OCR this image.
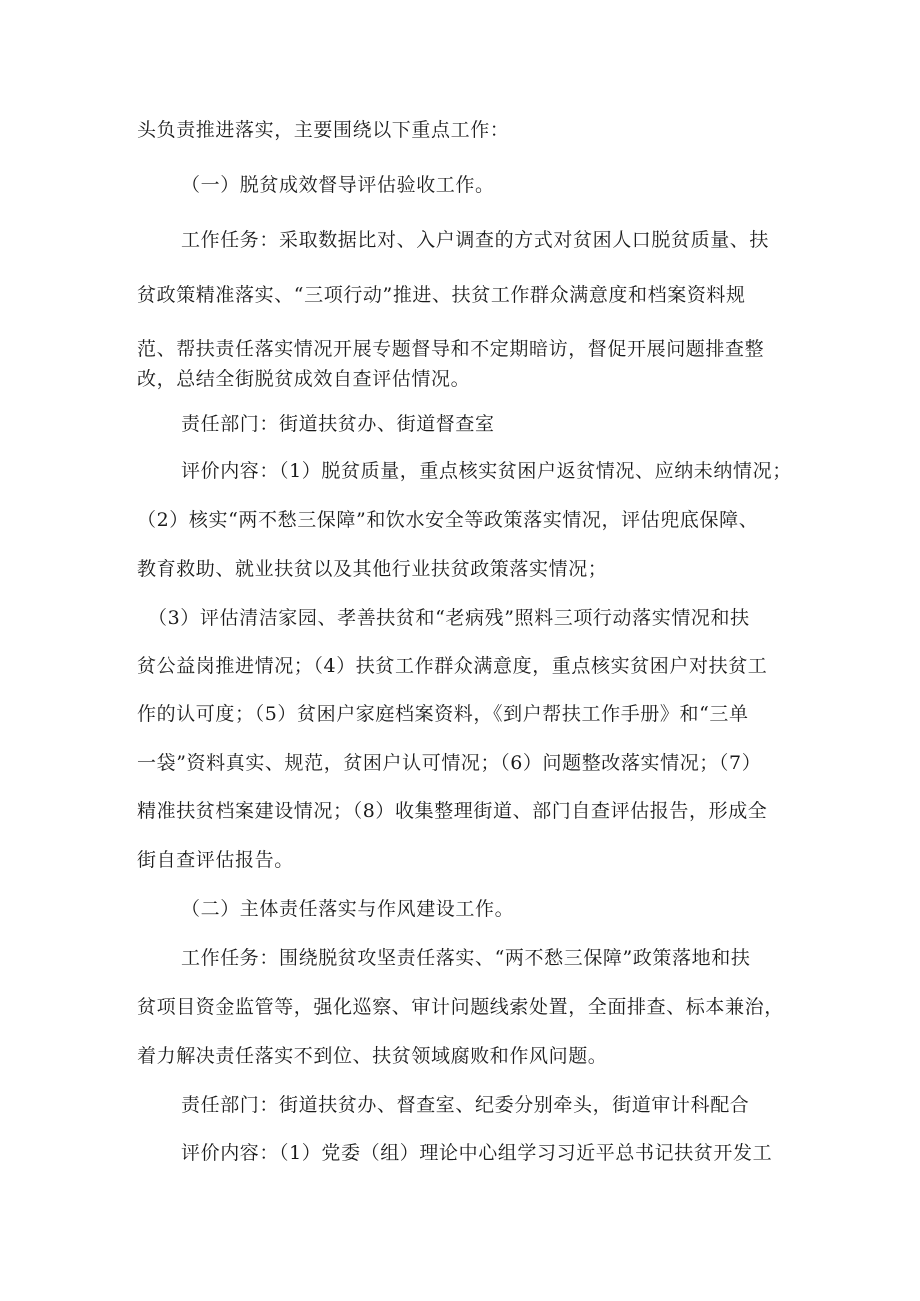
头负责推进落实，主要围绕以下重点工作：
（一）脱贫成效督导评估验收工作。
工作任务：采取数据比对、入户调查的方式对贫困人口脱贫质量、扶
贫政策精准落实、“三项行动”推进、扶贫工作群众满意度和档案资料规
范、帮扶责任落实情况开展专题督导和不定期暗访，督促开展问题排查整
改，总结全街脱贫成效自查评估情况。
责任部门：街道扶贫办、街道督查室
评价内容：（1）脱贫质量，重点核实贫困户返贫情况、应纳未纳情况；
（2）核实“两不愁三保障”和饮水安全等政策落实情况，评估兜底保障、
教育救助、就业扶贫以及其他行业扶贫政策落实情况；
（3）评估清洁家园、孝善扶贫和“老病残”照料三项行动落实情况和扶
贫公益岗推进情况；（4）扶贫工作群众满意度，重点核实贫困户对扶贫工
作的认可度；（5）贫困户家庭档案资料，《到户帮扶工作手册》和“三单
一袋”资料真实、规范，贫困户认可情况；（6）问题整改落实情况；（7）
精准扶贫档案建设情况；（8）收集整理街道、部门自查评估报告，形成全
街自查评估报告。
（二）主体责任落实与作风建设工作。
工作任务：围绕脱贫攻坚责任落实、“两不愁三保障”政策落地和扶
贫项目资金监管等，强化巡察、审计问题线索处置，全面排查、标本兼治，
着力解决责任落实不到位、扶贫领域腐败和作风问题。
责任部门：街道扶贫办、督查室、纪委分别牵头，街道审计科配合
评价内容：（1）党委（组）理论中心组学习习近平总书记扶贫开发工
